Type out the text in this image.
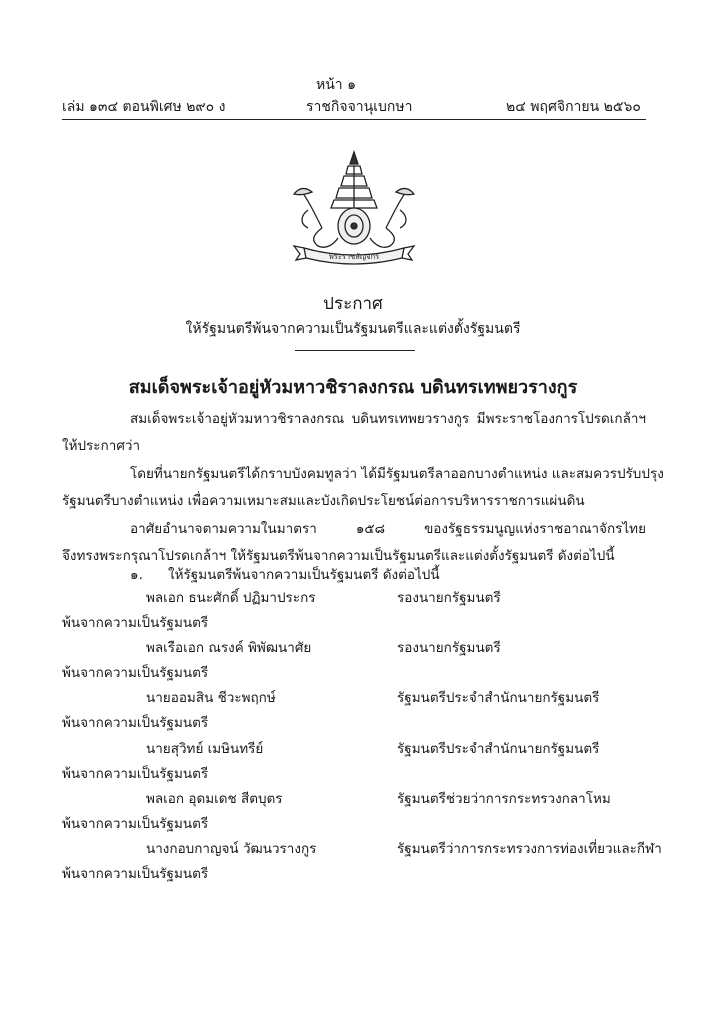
หน้า ๑
เล่ม ๑๓๔ ตอนพิเศษ ๒๙๐ ง	ราชกิจจานุเบกษา	๒๔ พฤศจิกายน ๒๕๖๐
พระราชลัญจกร
ประกาศ
ให้รัฐมนตรีพ้นจากความเป็นรัฐมนตรีและแต่งตั้งรัฐมนตรี
สมเด็จพระเจ้าอยู่หัวมหาวชิราลงกรณ บดินทรเทพยวรางกูร
สมเด็จพระเจ้าอยู่หัวมหาวชิราลงกรณ บดินทรเทพยวรางกูร มีพระราชโองการโปรดเกล้าฯ
ให้ประกาศว่า
โดยที่นายกรัฐมนตรีได้กราบบังคมทูลว่า ได้มีรัฐมนตรีลาออกบางตำแหน่ง และสมควรปรับปรุง
รัฐมนตรีบางตำแหน่ง เพื่อความเหมาะสมและบังเกิดประโยชน์ต่อการบริหารราชการแผ่นดิน
อาศัยอำนาจตามความในมาตรา ๑๕๘ ของรัฐธรรมนูญแห่งราชอาณาจักรไทย
จึงทรงพระกรุณาโปรดเกล้าฯ ให้รัฐมนตรีพ้นจากความเป็นรัฐมนตรีและแต่งตั้งรัฐมนตรี ดังต่อไปนี้
๑. ให้รัฐมนตรีพ้นจากความเป็นรัฐมนตรี ดังต่อไปนี้
พลเอก ธนะศักดิ์ ปฏิมาประกร	รองนายกรัฐมนตรี
พ้นจากความเป็นรัฐมนตรี
พลเรือเอก ณรงค์ พิพัฒนาศัย	รองนายกรัฐมนตรี
พ้นจากความเป็นรัฐมนตรี
นายออมสิน ชีวะพฤกษ์	รัฐมนตรีประจำสำนักนายกรัฐมนตรี
พ้นจากความเป็นรัฐมนตรี
นายสุวิทย์ เมษินทรีย์	รัฐมนตรีประจำสำนักนายกรัฐมนตรี
พ้นจากความเป็นรัฐมนตรี
พลเอก อุดมเดช สีตบุตร	รัฐมนตรีช่วยว่าการกระทรวงกลาโหม
พ้นจากความเป็นรัฐมนตรี
นางกอบกาญจน์ วัฒนวรางกูร	รัฐมนตรีว่าการกระทรวงการท่องเที่ยวและกีฬา
พ้นจากความเป็นรัฐมนตรี
